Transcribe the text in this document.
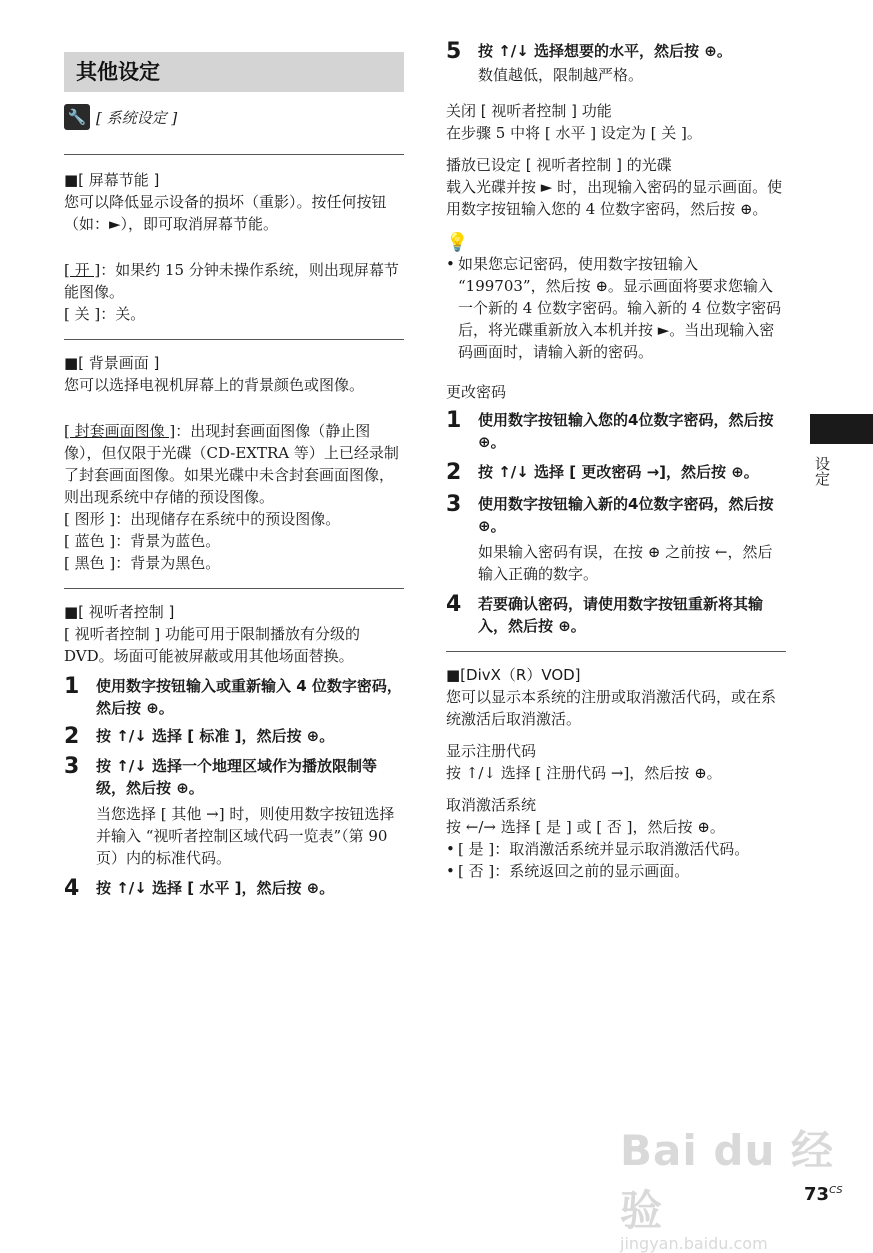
其他设定
🔧 [ 系统设定 ]

■[ 屏幕节能 ]

您可以降低显示设备的损坏（重影）。按任何按钮 （如：►），即可取消屏幕节能。

[ 开 ]：如果约 15 分钟未操作系统，则出现屏幕节能图像。

[ 关 ]：关。

■[ 背景画面 ]

您可以选择电视机屏幕上的背景颜色或图像。

[ 封套画面图像 ]：出现封套画面图像（静止图像），但仅限于光碟（CD-EXTRA 等）上已经录制了封套画面图像。如果光碟中未含封套画面图像，则出现系统中存储的预设图像。

[ 图形 ]：出现储存在系统中的预设图像。

[ 蓝色 ]：背景为蓝色。

[ 黑色 ]：背景为黑色。

■[ 视听者控制 ]

[ 视听者控制 ] 功能可用于限制播放有分级的 DVD。场面可能被屏蔽或用其他场面替换。

1	使用数字按钮输入或重新输入 4 位数字密码，然后按 ⊕。
2	按 ↑/↓ 选择 [ 标准 ]，然后按 ⊕。
3	按 ↑/↓ 选择一个地理区域作为播放限制等级，然后按 ⊕。

当您选择 [ 其他 →] 时，则使用数字按钮选择并输入 “视听者控制区域代码一览表”（第 90 页）内的标准代码。

4	按 ↑/↓ 选择 [ 水平 ]，然后按 ⊕。
5	按 ↑/↓ 选择想要的水平，然后按 ⊕。

数值越低，限制越严格。

关闭 [ 视听者控制 ] 功能

在步骤 5 中将 [ 水平 ] 设定为 [ 关 ]。

播放已设定 [ 视听者控制 ] 的光碟

载入光碟并按 ► 时，出现输入密码的显示画面。使用数字按钮输入您的 4 位数字密码，然后按 ⊕。

💡

• 如果您忘记密码，使用数字按钮输入 “199703”，然后按 ⊕。显示画面将要求您输入一个新的 4 位数字密码。输入新的 4 位数字密码后，将光碟重新放入本机并按 ►。当出现输入密码画面时，请输入新的密码。

更改密码

1	使用数字按钮输入您的4位数字密码，然后按 ⊕。
2	按 ↑/↓ 选择 [ 更改密码 →]，然后按 ⊕。
3	使用数字按钮输入新的4位数字密码，然后按 ⊕。

如果输入密码有误，在按 ⊕ 之前按 ←，然后输入正确的数字。

4	若要确认密码，请使用数字按钮重新将其输入，然后按 ⊕。

■[DivX（R）VOD]

您可以显示本系统的注册或取消激活代码，或在系统激活后取消激活。

显示注册代码

按 ↑/↓ 选择 [ 注册代码 →]，然后按 ⊕。

取消激活系统

按 ←/→ 选择 [ 是 ] 或 [ 否 ]，然后按 ⊕。

• [ 是 ]：取消激活系统并显示取消激活代码。
• [ 否 ]：系统返回之前的显示画面。
设定
Bai du 经验
jingyan.baidu.com
$73^{CS}$
